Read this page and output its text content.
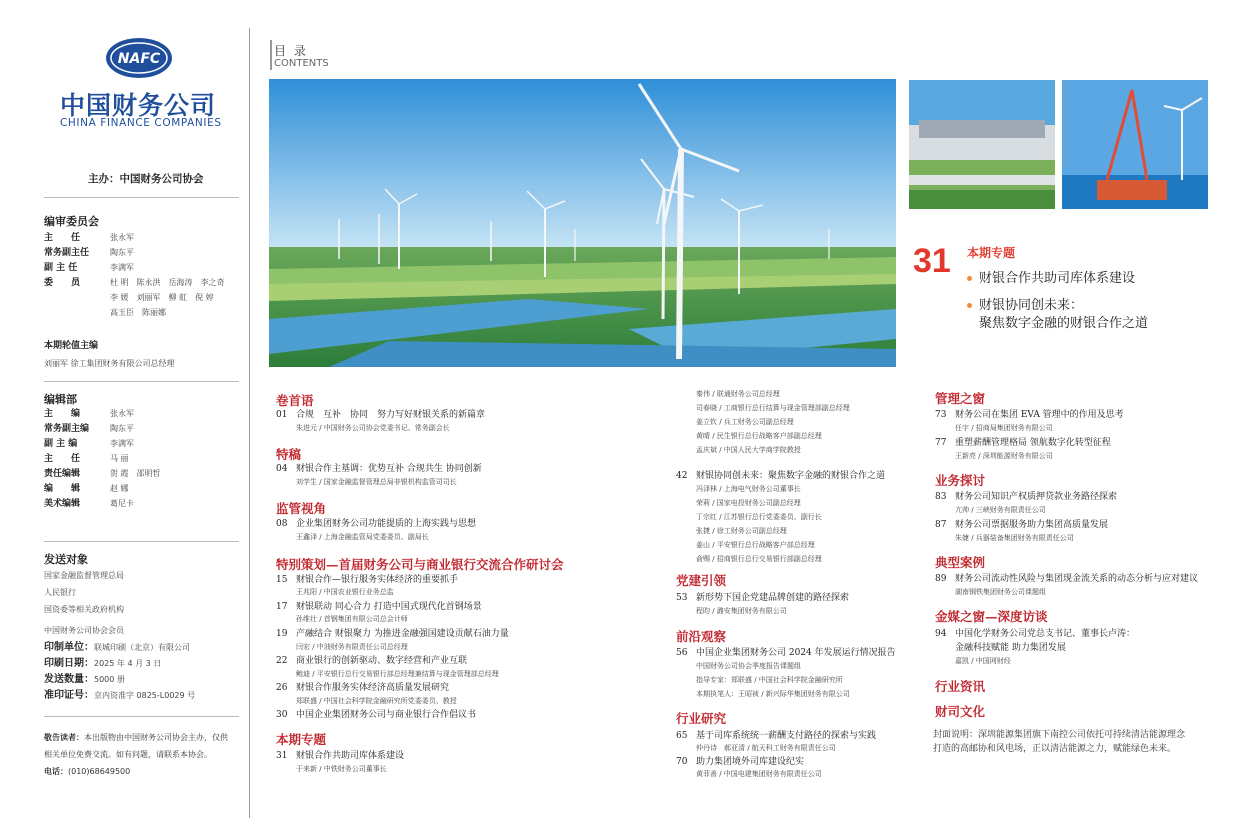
NAFC
中国财务公司
CHINA FINANCE COMPANIES
主办：中国财务公司协会
编审委员会
主　　任	张永军
常务副主任	陶东平
副 主 任	李满军
委　　员	杜 明　陈永洪　岳海涛　李之奇
李 媛　刘丽军　柳 虹　倪 婷
高玉臣　陈丽娜
本期轮值主编
刘丽军 徐工集团财务有限公司总经理
编辑部
主　　编	张永军
常务副主编	陶东平
副 主 编	李满军
主　　任	马 丽
责任编辑	贺 霞　邵明哲
编　　辑	赵 娜
美术编辑	葛尼卡
发送对象
国家金融监督管理总局
人民银行
国资委等相关政府机构
中国财务公司协会会员
印制单位：联城印刷（北京）有限公司
印刷日期：2025 年 4 月 3 日
发送数量：5000 册
准印证号：京内资准字 0825-L0029 号
敬告读者：本出版物由中国财务公司协会主办，仅供
相关单位免费交流。如有问题，请联系本协会。
电话：(010)68649500
目 录
CONTENTS
31 本期专题
财银合作共助司库体系建设
财银协同创未来：
聚焦数字金融的财银合作之道
卷首语
01 合规　互补　协同　努力写好财银关系的新篇章
朱进元 / 中国财务公司协会党委书记、常务副会长
特稿
04 财银合作主基调：优势互补 合规共生 协同创新
刘学生 / 国家金融监督管理总局非银机构监管司司长
监管视角
08 企业集团财务公司功能提质的上海实践与思想
王鑫泽 / 上海金融监管局党委委员、副局长
特别策划—首届财务公司与商业银行交流合作研讨会
15 财银合作—银行服务实体经济的重要抓手
王兆阳 / 中国农业银行业务总监
17 财银联动 同心合力 打造中国式现代化首钢场景
孙维壮 / 首钢集团有限公司总会计师
19 产融结合 财银聚力 为推进金融强国建设贡献石油力量
闫宏 / 中油财务有限责任公司总经理
22 商业银行的创新驱动、数字经营和产业互联
鲍迪 / 平安银行总行交易银行部总经理兼结算与现金管理部总经理
26 财银合作服务实体经济高质量发展研究
郑联盛 / 中国社会科学院金融研究所党委委员、教授
30 中国企业集团财务公司与商业银行合作倡议书
本期专题
31 财银合作共助司库体系建设
于来新 / 中铁财务公司董事长
秦伟 / 联通财务公司总经理
司春晓 / 工商银行总行结算与现金管理部副总经理
姜立钦 / 兵工财务公司副总经理
黄晴 / 民生银行总行战略客户部副总经理
孟庆斌 / 中国人民大学商学院教授
42 财银协同创未来：聚焦数字金融的财银合作之道
冯泽林 / 上海电气财务公司董事长
荣莉 / 国家电投财务公司副总经理
丁宗红 / 江苏银行总行党委委员、副行长
张捷 / 徐工财务公司副总经理
姜山 / 平安银行总行战略客户部总经理
俞赐 / 招商银行总行交易银行部副总经理
党建引领
53 新形势下国企党建品牌创建的路径探索
程昀 / 潞安集团财务有限公司
前沿观察
56 中国企业集团财务公司 2024 年发展运行情况报告
中国财务公司协会季度报告课题组
指导专家：郑联盛 / 中国社会科学院金融研究所
本期执笔人：王昭祯 / 新兴际华集团财务有限公司
行业研究
65 基于司库系统统一薪酬支付路径的探索与实践
仲丹诗　郝亚清 / 航天科工财务有限责任公司
70 助力集团境外司库建设纪实
黄菲善 / 中国电建集团财务有限责任公司
管理之窗
73 财务公司在集团 EVA 管理中的作用及思考
任宇 / 招商局集团财务有限公司
77 重塑薪酬管理格局 领航数字化转型征程
王新亮 / 深圳能源财务有限公司
业务探讨
83 财务公司知识产权质押贷款业务路径探索
亢帅 / 三峡财务有限责任公司
87 财务公司票据服务助力集团高质量发展
朱婕 / 兵器装备集团财务有限责任公司
典型案例
89 财务公司流动性风险与集团现金流关系的动态分析与应对建议
湖南钢铁集团财务公司课题组
金媒之窗—深度访谈
94 中国化学财务公司党总支书记、董事长卢涛：
金融科技赋能 助力集团发展
嘉凯 / 中国网财经
行业资讯
财司文化
封面说明：深圳能源集团旗下南控公司依托可持续清洁能源理念打造的高邮协和风电场，正以清洁能源之力，赋能绿色未来。
